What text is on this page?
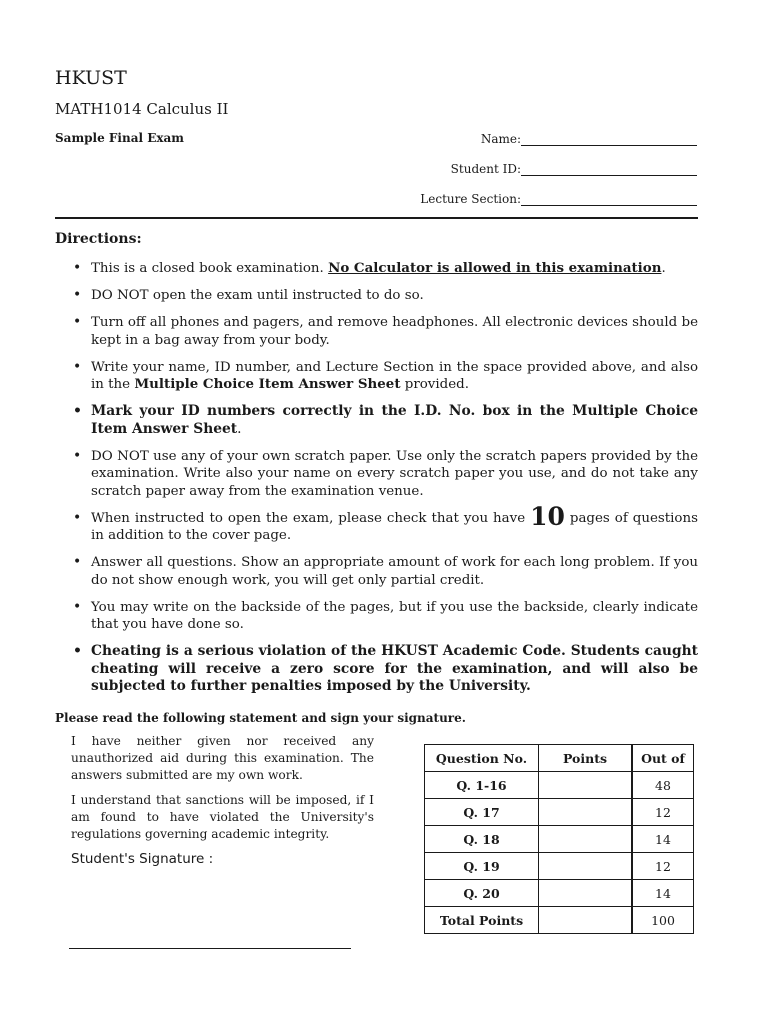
HKUST
MATH1014 Calculus II
Sample Final Exam	Name:
Student ID:
Lecture Section:
Directions:
• This is a closed book examination. No Calculator is allowed in this examination.
• DO NOT open the exam until instructed to do so.
• Turn off all phones and pagers, and remove headphones. All electronic devices should be kept in a bag away from your body.
• Write your name, ID number, and Lecture Section in the space provided above, and also in the Multiple Choice Item Answer Sheet provided.
• Mark your ID numbers correctly in the I.D. No. box in the Multiple Choice Item Answer Sheet.
• DO NOT use any of your own scratch paper. Use only the scratch papers provided by the examination. Write also your name on every scratch paper you use, and do not take any scratch paper away from the examination venue.
• When instructed to open the exam, please check that you have 10 pages of questions in addition to the cover page.
• Answer all questions. Show an appropriate amount of work for each long problem. If you do not show enough work, you will get only partial credit.
• You may write on the backside of the pages, but if you use the backside, clearly indicate that you have done so.
• Cheating is a serious violation of the HKUST Academic Code. Students caught cheating will receive a zero score for the examination, and will also be subjected to further penalties imposed by the University.
Please read the following statement and sign your signature.

I have neither given nor received any unauthorized aid during this examination. The answers submitted are my own work.

I understand that sanctions will be imposed, if I am found to have violated the University's regulations governing academic integrity.

Student's Signature :
Question No.	Points	Out of
Q. 1-16		48
Q. 17		12
Q. 18		14
Q. 19		12
Q. 20		14
Total Points		100
